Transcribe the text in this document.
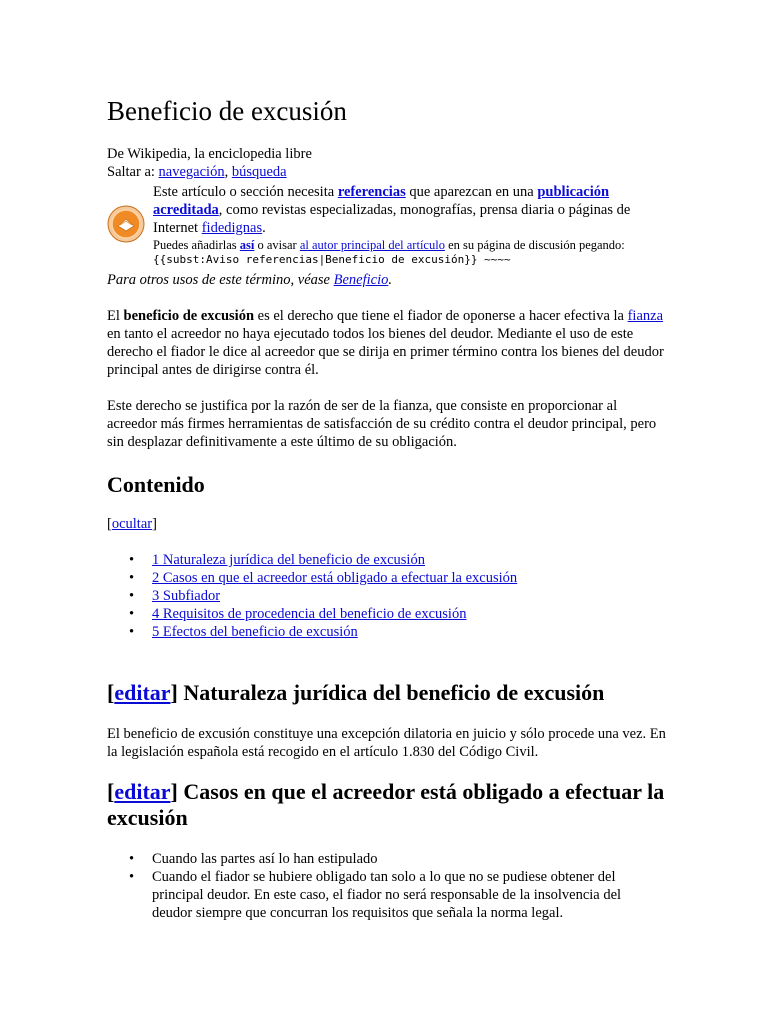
Beneficio de excusión
De Wikipedia, la enciclopedia libre
Saltar a: navegación, búsqueda
Este artículo o sección necesita referencias que aparezcan en una publicación acreditada, como revistas especializadas, monografías, prensa diaria o páginas de Internet fidedignas.
Puedes añadirlas así o avisar al autor principal del artículo en su página de discusión pegando:
{{subst:Aviso referencias|Beneficio de excusión}} ~~~~
Para otros usos de este término, véase Beneficio.

El beneficio de excusión es el derecho que tiene el fiador de oponerse a hacer efectiva la fianza en tanto el acreedor no haya ejecutado todos los bienes del deudor. Mediante el uso de este derecho el fiador le dice al acreedor que se dirija en primer término contra los bienes del deudor principal antes de dirigirse contra él.

Este derecho se justifica por la razón de ser de la fianza, que consiste en proporcionar al acreedor más firmes herramientas de satisfacción de su crédito contra el deudor principal, pero sin desplazar definitivamente a este último de su obligación.

Contenido
[ocultar]
• 1 Naturaleza jurídica del beneficio de excusión
• 2 Casos en que el acreedor está obligado a efectuar la excusión
• 3 Subfiador
• 4 Requisitos de procedencia del beneficio de excusión
• 5 Efectos del beneficio de excusión
[editar] Naturaleza jurídica del beneficio de excusión

El beneficio de excusión constituye una excepción dilatoria en juicio y sólo procede una vez. En la legislación española está recogido en el artículo 1.830 del Código Civil.

[editar] Casos en que el acreedor está obligado a efectuar la excusión
• Cuando las partes así lo han estipulado
• Cuando el fiador se hubiere obligado tan solo a lo que no se pudiese obtener del principal deudor. En este caso, el fiador no será responsable de la insolvencia del deudor siempre que concurran los requisitos que señala la norma legal.
